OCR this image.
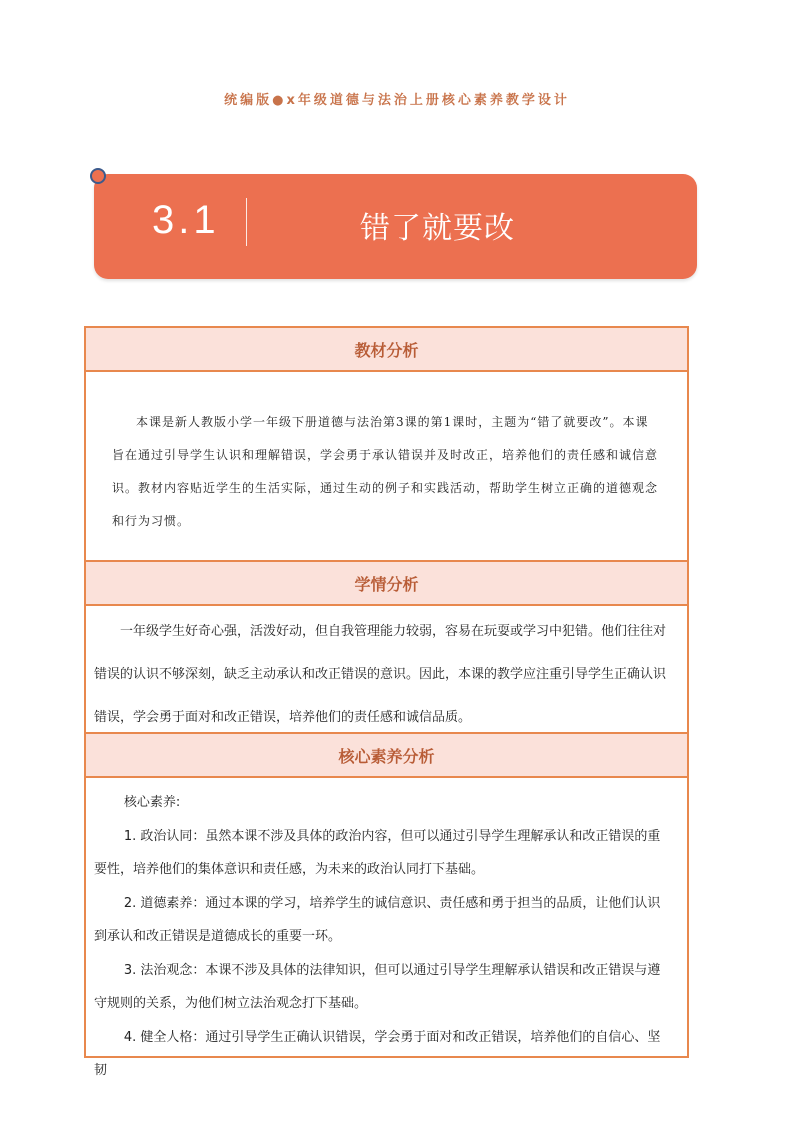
统编版●x年级道德与法治上册核心素养教学设计
3.1	错了就要改
教材分析

本课是新人教版小学一年级下册道德与法治第3课的第1课时，主题为“错了就要改”。本课旨在通过引导学生认识和理解错误，学会勇于承认错误并及时改正，培养他们的责任感和诚信意识。教材内容贴近学生的生活实际，通过生动的例子和实践活动，帮助学生树立正确的道德观念和行为习惯。

学情分析

一年级学生好奇心强，活泼好动，但自我管理能力较弱，容易在玩耍或学习中犯错。他们往往对错误的认识不够深刻，缺乏主动承认和改正错误的意识。因此，本课的教学应注重引导学生正确认识错误，学会勇于面对和改正错误，培养他们的责任感和诚信品质。

核心素养分析

核心素养:

1. 政治认同：虽然本课不涉及具体的政治内容，但可以通过引导学生理解承认和改正错误的重要性，培养他们的集体意识和责任感，为未来的政治认同打下基础。

2. 道德素养：通过本课的学习，培养学生的诚信意识、责任感和勇于担当的品质，让他们认识到承认和改正错误是道德成长的重要一环。

3. 法治观念：本课不涉及具体的法律知识，但可以通过引导学生理解承认错误和改正错误与遵守规则的关系，为他们树立法治观念打下基础。

4. 健全人格：通过引导学生正确认识错误，学会勇于面对和改正错误，培养他们的自信心、坚韧
